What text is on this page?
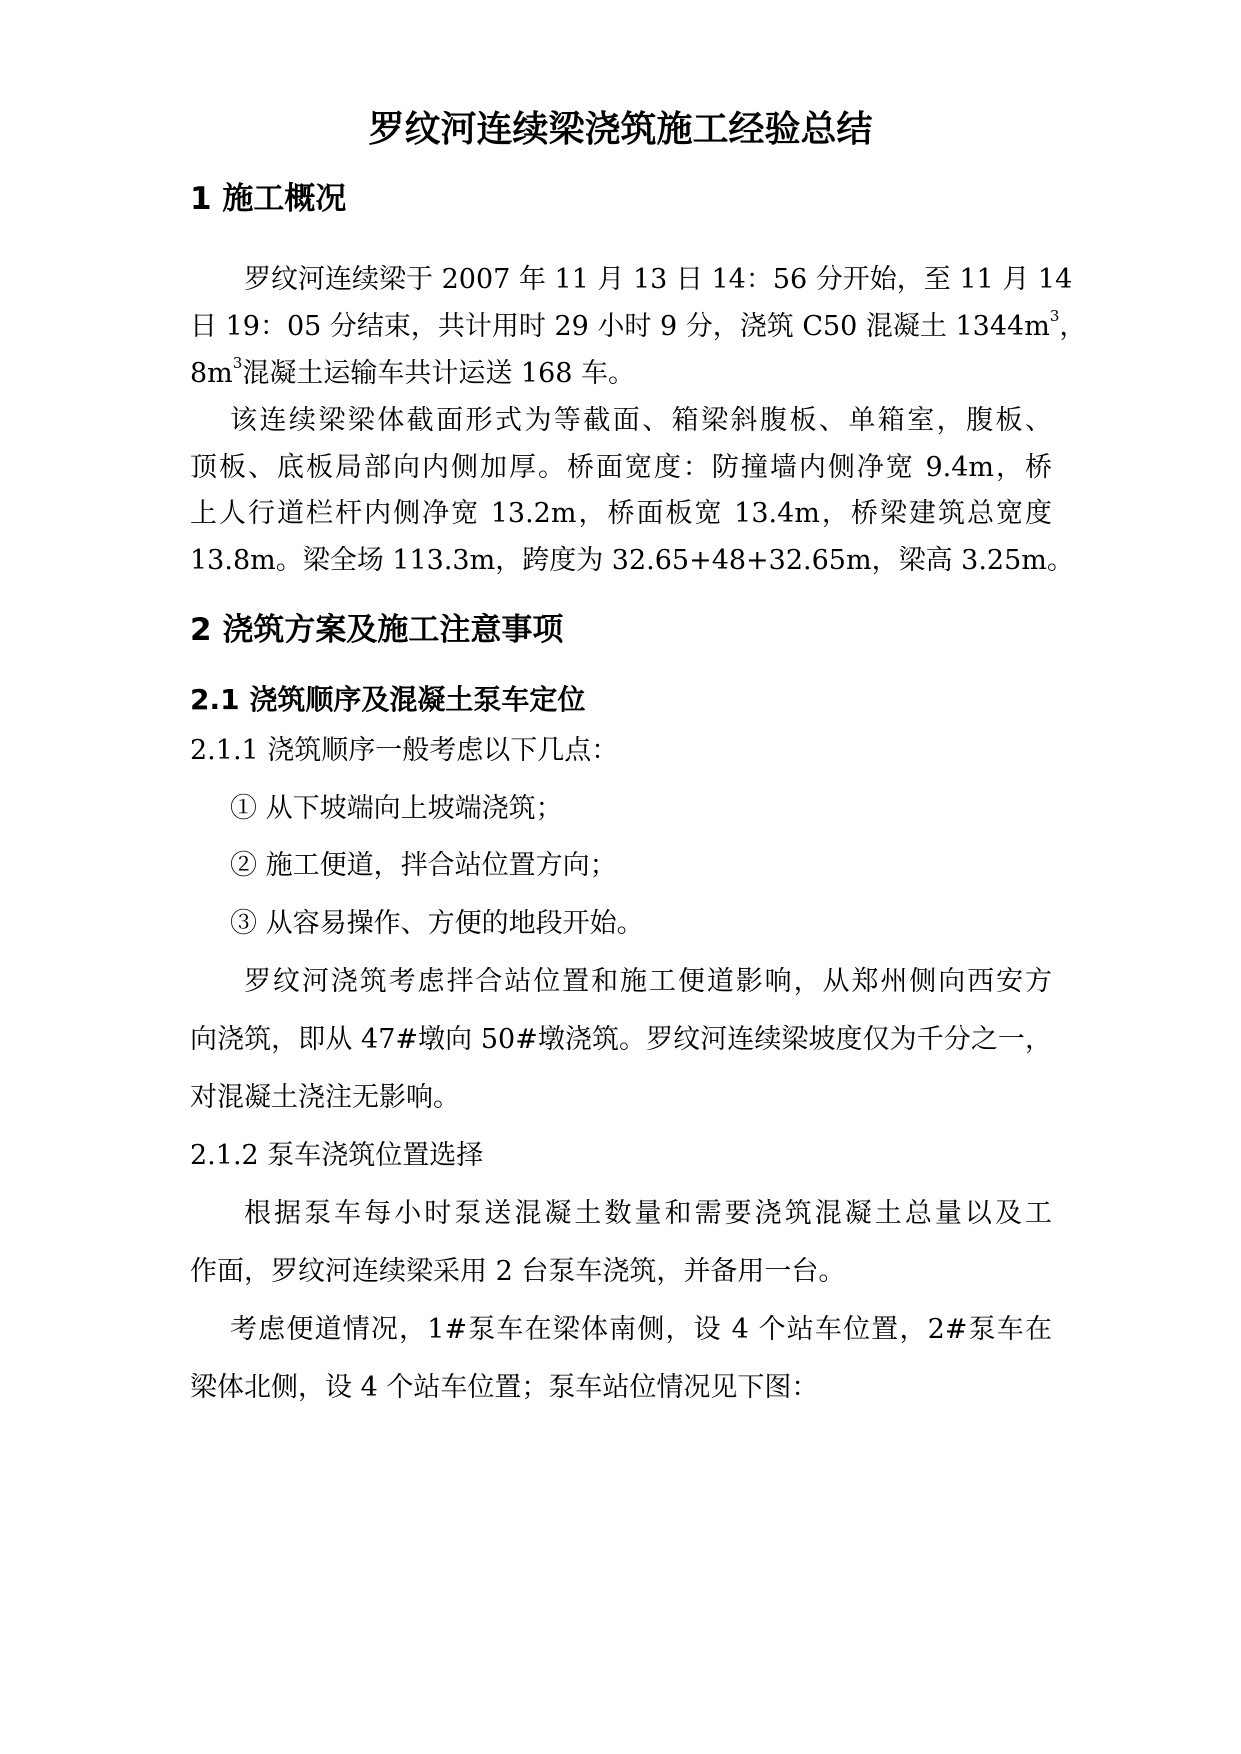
罗纹河连续梁浇筑施工经验总结
1 施工概况
罗纹河连续梁于 2007 年 11 月 13 日 14：56 分开始，至 11 月 14
日 19：05 分结束，共计用时 29 小时 9 分，浇筑 C50 混凝土 $1344m^3$，
$8m^3$混凝土运输车共计运送 168 车。
该连续梁梁体截面形式为等截面、箱梁斜腹板、单箱室，腹板、
顶板、底板局部向内侧加厚。桥面宽度：防撞墙内侧净宽 9.4m，桥
上人行道栏杆内侧净宽 13.2m，桥面板宽 13.4m，桥梁建筑总宽度
13.8m。梁全场 113.3m，跨度为 32.65+48+32.65m，梁高 3.25m。
2 浇筑方案及施工注意事项
2.1 浇筑顺序及混凝土泵车定位
2.1.1 浇筑顺序一般考虑以下几点：
① 从下坡端向上坡端浇筑；
② 施工便道，拌合站位置方向；
③ 从容易操作、方便的地段开始。
罗纹河浇筑考虑拌合站位置和施工便道影响，从郑州侧向西安方
向浇筑，即从 47#墩向 50#墩浇筑。罗纹河连续梁坡度仅为千分之一，
对混凝土浇注无影响。
2.1.2 泵车浇筑位置选择
根据泵车每小时泵送混凝土数量和需要浇筑混凝土总量以及工
作面，罗纹河连续梁采用 2 台泵车浇筑，并备用一台。
考虑便道情况，1#泵车在梁体南侧，设 4 个站车位置，2#泵车在
梁体北侧，设 4 个站车位置；泵车站位情况见下图：
